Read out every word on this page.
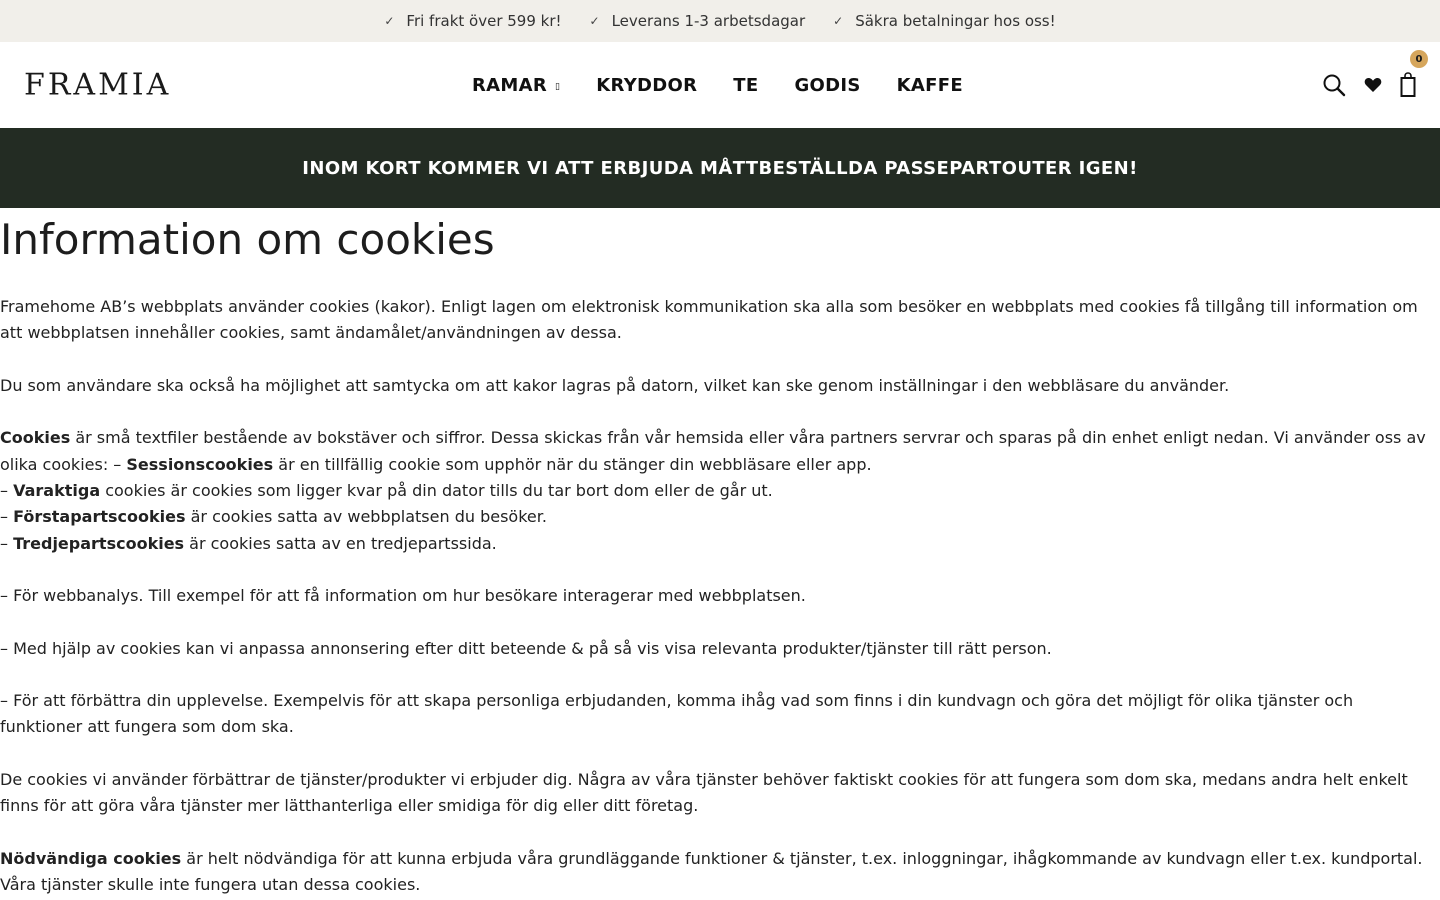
✓ Fri frakt över 599 kr! ✓ Leverans 1-3 arbetsdagar ✓ Säkra betalningar hos oss!
FRAMIA	RAMAR ▯ KRYDDOR TE GODIS KAFFE
0
INOM KORT KOMMER VI ATT ERBJUDA MÅTTBESTÄLLDA PASSEPARTOUTER IGEN!
Information om cookies

Framehome AB’s webbplats använder cookies (kakor). Enligt lagen om elektronisk kommunikation ska alla som besöker en webbplats med cookies få tillgång till information om att webbplatsen innehåller cookies, samt ändamålet/användningen av dessa.

Du som användare ska också ha möjlighet att samtycka om att kakor lagras på datorn, vilket kan ske genom inställningar i den webbläsare du använder.

Cookies är små textfiler bestående av bokstäver och siffror. Dessa skickas från vår hemsida eller våra partners servrar och sparas på din enhet enligt nedan. Vi använder oss av olika cookies: – Sessionscookies är en tillfällig cookie som upphör när du stänger din webbläsare eller app.
– Varaktiga cookies är cookies som ligger kvar på din dator tills du tar bort dom eller de går ut.
– Förstapartscookies är cookies satta av webbplatsen du besöker.
– Tredjepartscookies är cookies satta av en tredjepartssida.

– För webbanalys. Till exempel för att få information om hur besökare interagerar med webbplatsen.

– Med hjälp av cookies kan vi anpassa annonsering efter ditt beteende & på så vis visa relevanta produkter/tjänster till rätt person.

– För att förbättra din upplevelse. Exempelvis för att skapa personliga erbjudanden, komma ihåg vad som finns i din kundvagn och göra det möjligt för olika tjänster och funktioner att fungera som dom ska.

De cookies vi använder förbättrar de tjänster/produkter vi erbjuder dig. Några av våra tjänster behöver faktiskt cookies för att fungera som dom ska, medans andra helt enkelt finns för att göra våra tjänster mer lätthanterliga eller smidiga för dig eller ditt företag.

Nödvändiga cookies är helt nödvändiga för att kunna erbjuda våra grundläggande funktioner & tjänster, t.ex. inloggningar, ihågkommande av kundvagn eller t.ex. kundportal. Våra tjänster skulle inte fungera utan dessa cookies.
